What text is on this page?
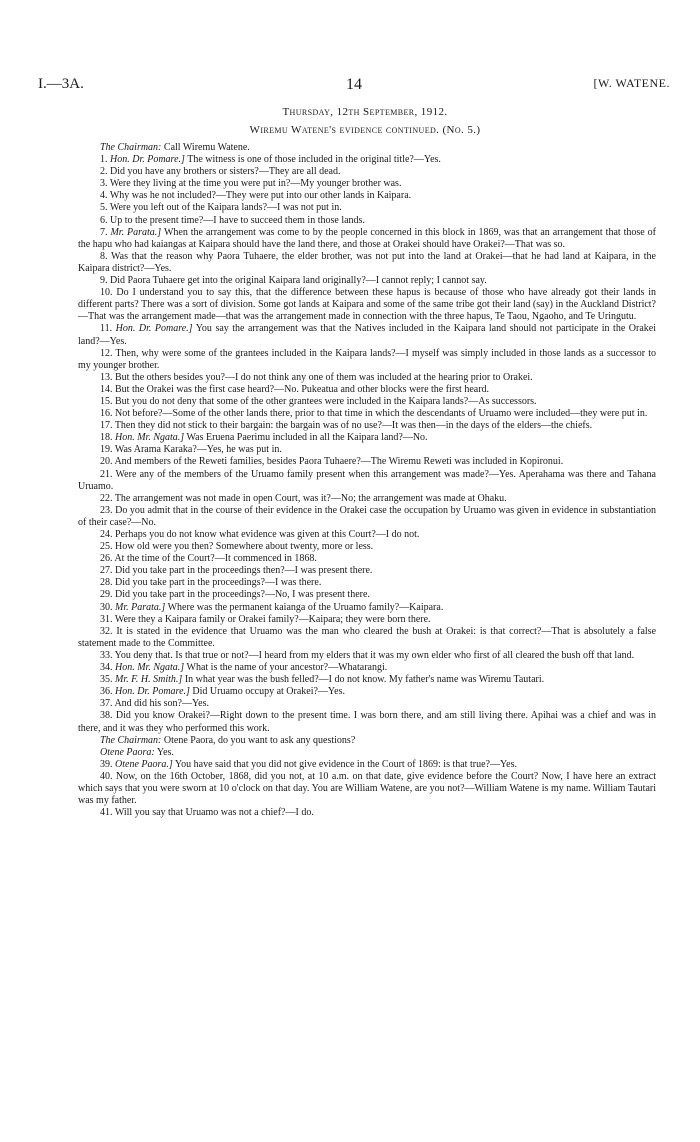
I.—3A.	14	[W. WATENE.
Thursday, 12th September, 1912.
Wiremu Watene's evidence continued. (No. 5.)

The Chairman: Call Wiremu Watene.

1. Hon. Dr. Pomare.] The witness is one of those included in the original title?—Yes.

2. Did you have any brothers or sisters?—They are all dead.

3. Were they living at the time you were put in?—My younger brother was.

4. Why was he not included?—They were put into our other lands in Kaipara.

5. Were you left out of the Kaipara lands?—I was not put in.

6. Up to the present time?—I have to succeed them in those lands.

7. Mr. Parata.] When the arrangement was come to by the people concerned in this block in 1869, was that an arrangement that those of the hapu who had kaiangas at Kaipara should have the land there, and those at Orakei should have Orakei?—That was so.

8. Was that the reason why Paora Tuhaere, the elder brother, was not put into the land at Orakei—that he had land at Kaipara, in the Kaipara district?—Yes.

9. Did Paora Tuhaere get into the original Kaipara land originally?—I cannot reply; I cannot say.

10. Do I understand you to say this, that the difference between these hapus is because of those who have already got their lands in different parts? There was a sort of division. Some got lands at Kaipara and some of the same tribe got their land (say) in the Auckland District?—That was the arrangement made—that was the arrangement made in connection with the three hapus, Te Taou, Ngaoho, and Te Uringutu.

11. Hon. Dr. Pomare.] You say the arrangement was that the Natives included in the Kaipara land should not participate in the Orakei land?—Yes.

12. Then, why were some of the grantees included in the Kaipara lands?—I myself was simply included in those lands as a successor to my younger brother.

13. But the others besides you?—I do not think any one of them was included at the hearing prior to Orakei.

14. But the Orakei was the first case heard?—No. Pukeatua and other blocks were the first heard.

15. But you do not deny that some of the other grantees were included in the Kaipara lands?—As successors.

16. Not before?—Some of the other lands there, prior to that time in which the descendants of Uruamo were included—they were put in.

17. Then they did not stick to their bargain: the bargain was of no use?—It was then—in the days of the elders—the chiefs.

18. Hon. Mr. Ngata.] Was Eruena Paerimu included in all the Kaipara land?—No.

19. Was Arama Karaka?—Yes, he was put in.

20. And members of the Reweti families, besides Paora Tuhaere?—The Wiremu Reweti was included in Kopironui.

21. Were any of the members of the Uruamo family present when this arrangement was made?—Yes. Aperahama was there and Tahana Uruamo.

22. The arrangement was not made in open Court, was it?—No; the arrangement was made at Ohaku.

23. Do you admit that in the course of their evidence in the Orakei case the occupation by Uruamo was given in evidence in substantiation of their case?—No.

24. Perhaps you do not know what evidence was given at this Court?—I do not.

25. How old were you then? Somewhere about twenty, more or less.

26. At the time of the Court?—It commenced in 1868.

27. Did you take part in the proceedings then?—I was present there.

28. Did you take part in the proceedings?—I was there.

29. Did you take part in the proceedings?—No, I was present there.

30. Mr. Parata.] Where was the permanent kaianga of the Uruamo family?—Kaipara.

31. Were they a Kaipara family or Orakei family?—Kaipara; they were born there.

32. It is stated in the evidence that Uruamo was the man who cleared the bush at Orakei: is that correct?—That is absolutely a false statement made to the Committee.

33. You deny that. Is that true or not?—I heard from my elders that it was my own elder who first of all cleared the bush off that land.

34. Hon. Mr. Ngata.] What is the name of your ancestor?—Whatarangi.

35. Mr. F. H. Smith.] In what year was the bush felled?—I do not know. My father's name was Wiremu Tautari.

36. Hon. Dr. Pomare.] Did Uruamo occupy at Orakei?—Yes.

37. And did his son?—Yes.

38. Did you know Orakei?—Right down to the present time. I was born there, and am still living there. Apihai was a chief and was in there, and it was they who performed this work.

The Chairman: Otene Paora, do you want to ask any questions?

Otene Paora: Yes.

39. Otene Paora.] You have said that you did not give evidence in the Court of 1869: is that true?—Yes.

40. Now, on the 16th October, 1868, did you not, at 10 a.m. on that date, give evidence before the Court? Now, I have here an extract which says that you were sworn at 10 o'clock on that day. You are William Watene, are you not?—William Watene is my name. William Tautari was my father.

41. Will you say that Uruamo was not a chief?—I do.
